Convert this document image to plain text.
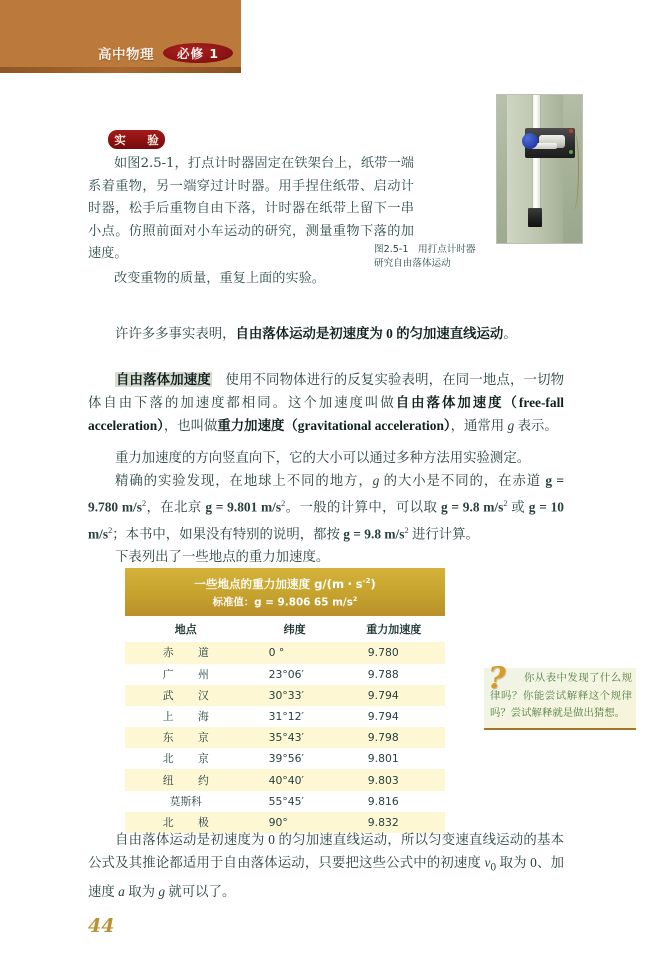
高中物理	必修 1
实　验

如图2.5-1，打点计时器固定在铁架台上，纸带一端系着重物，另一端穿过计时器。用手捏住纸带、启动计时器，松手后重物自由下落，计时器在纸带上留下一串小点。仿照前面对小车运动的研究，测量重物下落的加速度。

改变重物的质量，重复上面的实验。

图2.5-1　用打点计时器
研究自由落体运动

许许多多事实表明，自由落体运动是初速度为 0 的匀加速直线运动。

自由落体加速度　使用不同物体进行的反复实验表明，在同一地点，一切物体自由下落的加速度都相同。这个加速度叫做自由落体加速度（free-fall acceleration），也叫做重力加速度（gravitational acceleration），通常用 g 表示。

重力加速度的方向竖直向下，它的大小可以通过多种方法用实验测定。

精确的实验发现，在地球上不同的地方，g 的大小是不同的，在赤道 g = 9.780 $m/s^2$，在北京 g = 9.801 $m/s^2$。一般的计算中，可以取 g = 9.8 $m/s^2$ 或 g = 10 $m/s^2$；本书中，如果没有特别的说明，都按 g = 9.8 $m/s^2$ 进行计算。

下表列出了一些地点的重力加速度。

一些地点的重力加速度 g/(m・$s^{-2}$)
标准值：g = 9.806 65 $m/s^2$

地点	纬度	重力加速度
赤道	0 °	9.780
广州	23°06′	9.788
武汉	30°33′	9.794
上海	31°12′	9.794
东京	35°43′	9.798
北京	39°56′	9.801
纽约	40°40′	9.803
莫斯科	55°45′	9.816
北极	90°	9.832
?	你从表中发现了什么规律吗？你能尝试解释这个规律吗？尝试解释就是做出猜想。

自由落体运动是初速度为 0 的匀加速直线运动，所以匀变速直线运动的基本公式及其推论都适用于自由落体运动，只要把这些公式中的初速度 $v_0$ 取为 0、加速度 a 取为 g 就可以了。

44
